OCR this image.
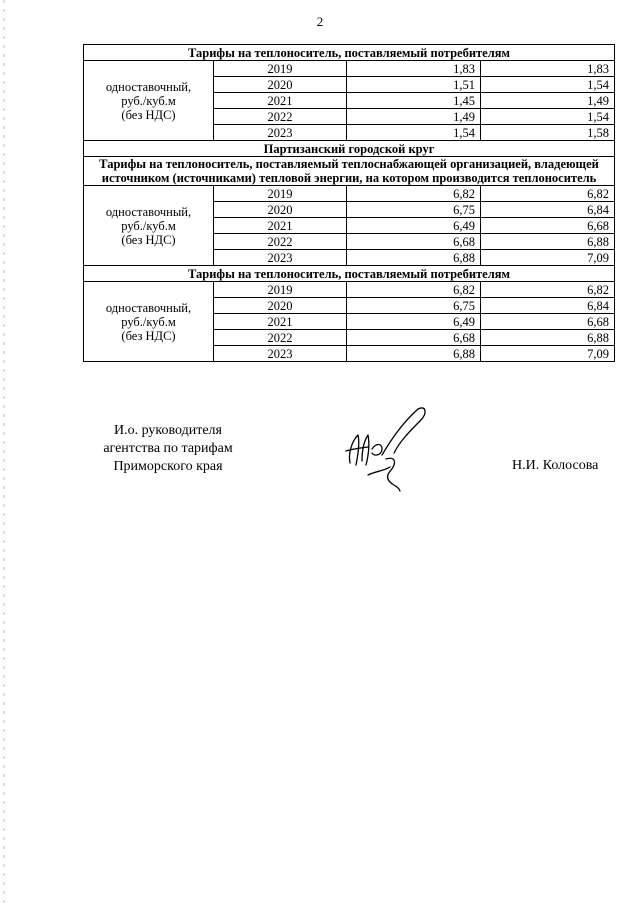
2
Тарифы на теплоноситель, поставляемый потребителям			

одноставочный,
руб./куб.м
(без НДС)	2019	1,83	1,83
	2020	1,51	1,54
	2021	1,45	1,49
	2022	1,49	1,54
	2023	1,54	1,58
Партизанский городской круг			
Тарифы на теплоноситель, поставляемый теплоснабжающей организацией, владеющей источником (источниками) тепловой энергии, на котором производится теплоноситель			

одноставочный,
руб./куб.м
(без НДС)	2019	6,82	6,82
	2020	6,75	6,84
	2021	6,49	6,68
	2022	6,68	6,88
	2023	6,88	7,09
Тарифы на теплоноситель, поставляемый потребителям			

одноставочный,
руб./куб.м
(без НДС)	2019	6,82	6,82
	2020	6,75	6,84
	2021	6,49	6,68
	2022	6,68	6,88
	2023	6,88	7,09
И.о. руководителя
агентства по тарифам
Приморского края	Н.И. Колосова
